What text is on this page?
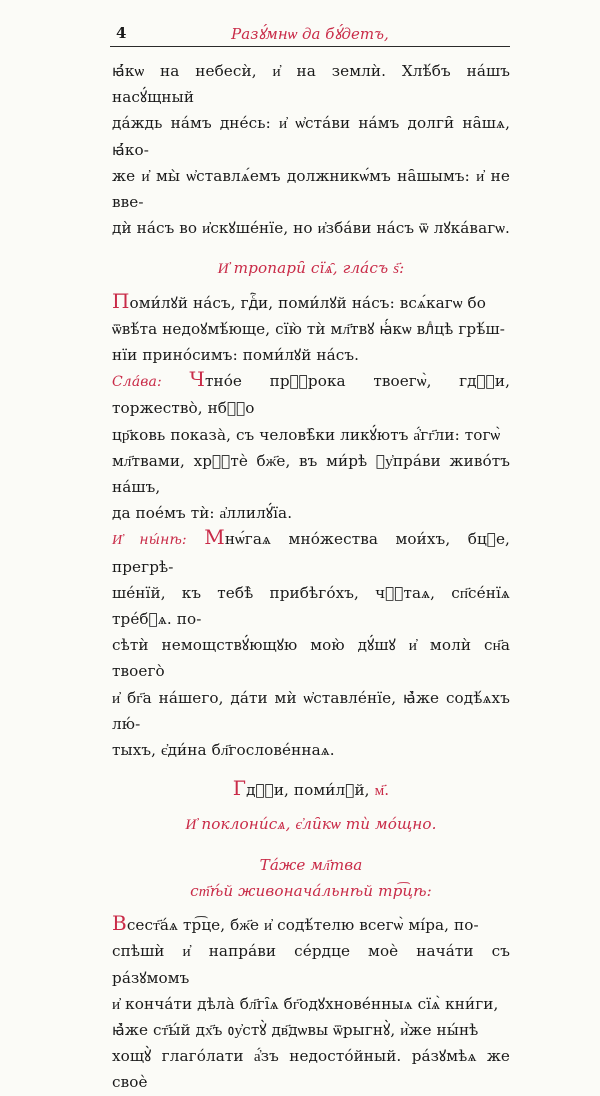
4	Разꙋ́мнѡ да бꙋ́детъ,

ꙗ҆́кѡ на небесѝ, и҆ на землѝ. Хлѣ́бъ на́шъ насꙋ́щный

да́ждь на́мъ дне́сь: и҆ ѡ҆ста́ви на́мъ долги̑ на̑шѧ, ꙗ҆́ко-

же и҆ мы̀ ѡ҆ставлѧ́емъ должникѡ́мъ на̑шымъ: и҆ не вве-

дѝ на́съ во и҆скꙋше́нїе, но и҆зба́ви на́съ ѿ лꙋка́вагѡ.

И҆ тропари̑ сїѧ̑, гла́съ ѕ҃:

Поми́лꙋй на́съ, гдⷭ҇и, поми́лꙋй на́съ: всѧ́кагѡ бо

ѿвѣ́та недоꙋмѣ́юще, сїю̀ тѝ мл҃твꙋ ꙗ҆́кѡ влⷣцѣ грѣ́ш-

нїи прино́симъ: поми́лꙋй на́съ.

Сла́ва: Чтно́е прⷪ҇рока твоегѡ̀, гдⷭ҇и, торжество̀, нбⷭ҇о

цр҃ковь показа̀, съ человѣ̑ки ликꙋ́ютъ а҆́гг҃ли: тогѡ̀

мл҃твами, хрⷭ҇тѐ бж҃е, въ ми́рѣ ᲂу҆пра́ви живо́тъ на́шъ,

да пое́мъ тѝ: а҆ллилꙋ́їа.

И҆ ны́нѣ: Мнѡ́гаѧ мно́жества мои́хъ, бцⷣе, прегрѣ-

ше́нїй, къ тебѣ̀ прибѣго́хъ, чⷭ҇таѧ, сп҃се́нїѧ тре́бꙋѧ. по-

сѣтѝ немощствꙋ́ющꙋю мою̀ дꙋ́шꙋ и҆ молѝ сн҃а твоего̀

и҆ бг҃а на́шего, да́ти мѝ ѡ҆ставле́нїе, ꙗ҆̀же содѣ́ѧхъ лю́-

тыхъ, є҆ди́на бл҃гослове́ннаѧ.

Гдⷭ҇и, поми́лꙋй, м҃.

И҆ поклони́сѧ, є҆ли̑кѡ тѝ мо́щно.

Та́же мл҃тва

ст҃ѣ́й живонача́льнѣй тр͡цѣ:

Всест҃а́ѧ тр͡це, бж҃е и҆ содѣ́телю всегѡ̀ мі́ра, по-

спѣшѝ и҆ напра́ви се́рдце моѐ нача́ти съ ра́зꙋмомъ

и҆ конча́ти дѣла̀ бл҃гі̑ѧ бг҃одꙋхнове́нныѧ сїѧ̀ кни́ги,

ꙗ҆̀же ст҃ы́й дх҃ъ ᲂу҆стꙋ̀ дв҃дѡвы ѿрыгнꙋ̀, и҆̀же ны́нѣ

хощꙋ̀ глаго́лати а҆́зъ недосто́йный. ра́зꙋмѣѧ же своѐ
